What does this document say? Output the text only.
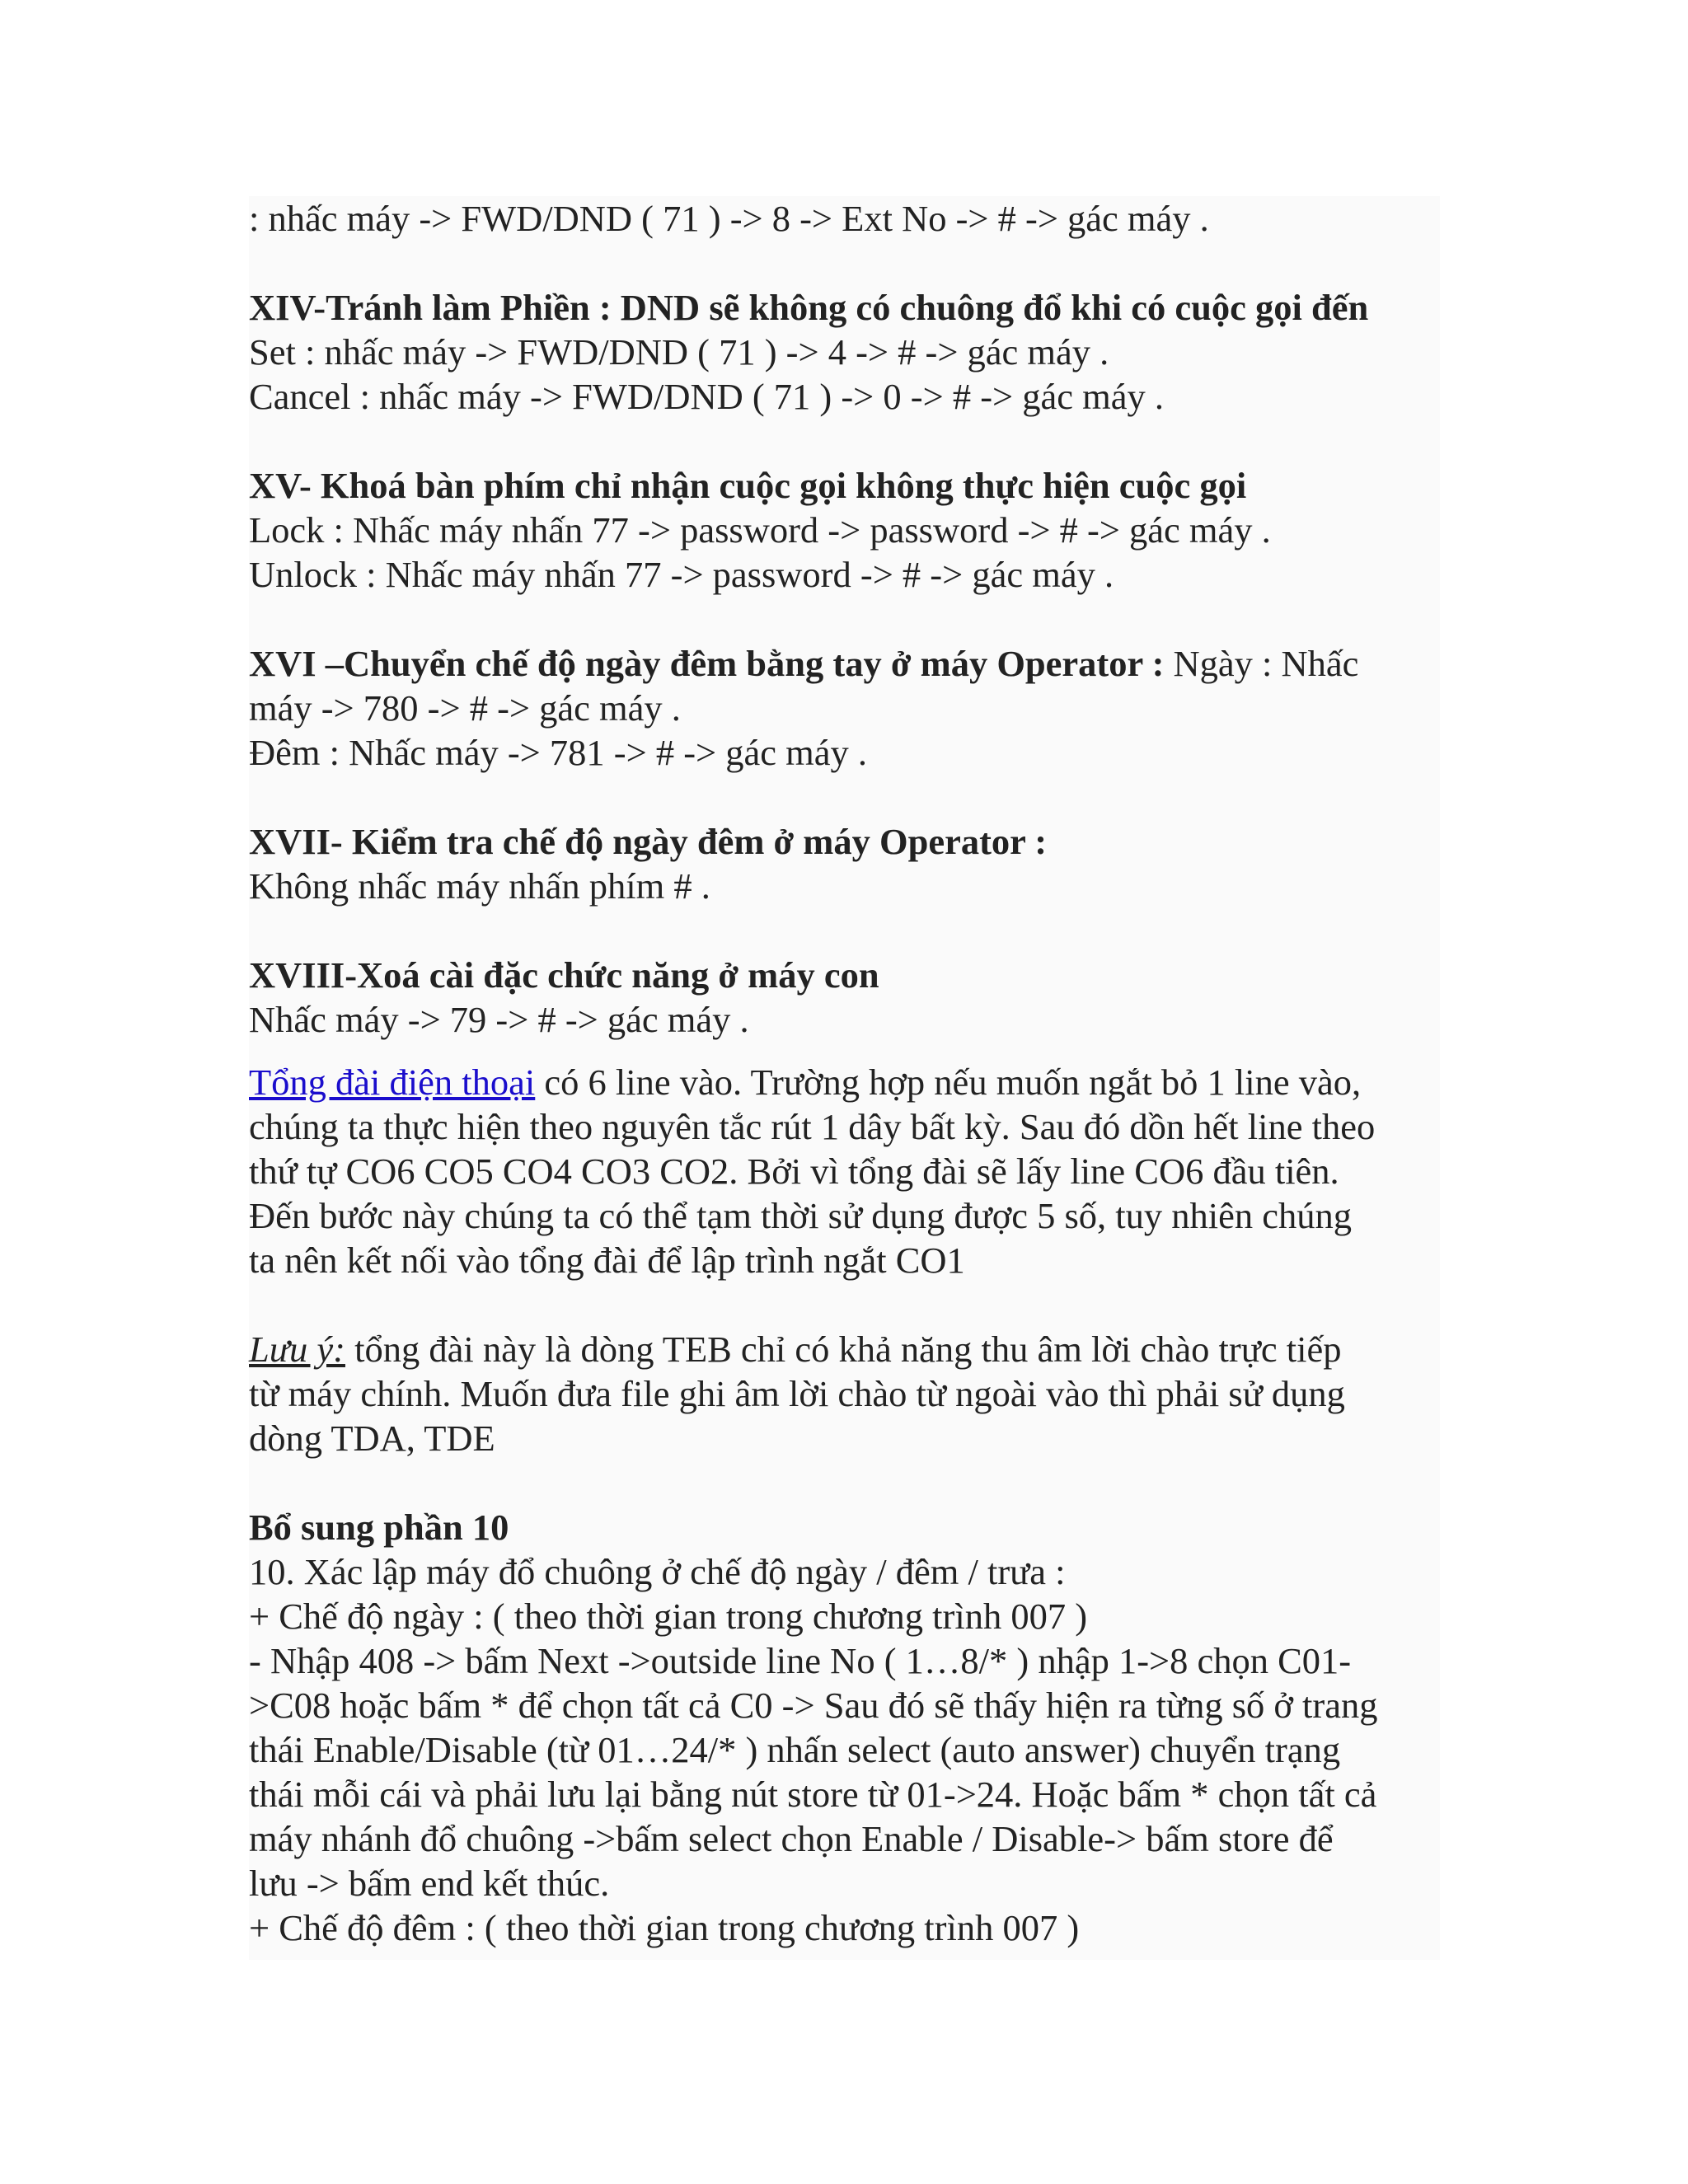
: nhấc máy -> FWD/DND ( 71 ) -> 8 -> Ext No -> # -> gác máy .
XIV-Tránh làm Phiền : DND sẽ không có chuông đổ khi có cuộc gọi đến
Set : nhấc máy -> FWD/DND ( 71 ) -> 4 -> # -> gác máy .
Cancel : nhấc máy -> FWD/DND ( 71 ) -> 0 -> # -> gác máy .
XV- Khoá bàn phím chỉ nhận cuộc gọi không thực hiện cuộc gọi
Lock : Nhấc máy nhấn 77 -> password -> password -> # -> gác máy .
Unlock : Nhấc máy nhấn 77 -> password -> # -> gác máy .
XVI –Chuyển chế độ ngày đêm bằng tay ở máy Operator : Ngày : Nhấc
máy -> 780 -> # -> gác máy .
Đêm : Nhấc máy -> 781 -> # -> gác máy .
XVII- Kiểm tra chế độ ngày đêm ở máy Operator :
Không nhấc máy nhấn phím # .
XVIII-Xoá cài đặc chức năng ở máy con
Nhấc máy -> 79 -> # -> gác máy .
Tổng đài điện thoại có 6 line vào. Trường hợp nếu muốn ngắt bỏ 1 line vào,
chúng ta thực hiện theo nguyên tắc rút 1 dây bất kỳ. Sau đó dồn hết line theo
thứ tự CO6 CO5 CO4 CO3 CO2. Bởi vì tổng đài sẽ lấy line CO6 đầu tiên.
Đến bước này chúng ta có thể tạm thời sử dụng được 5 số, tuy nhiên chúng
ta nên kết nối vào tổng đài để lập trình ngắt CO1
Lưu ý: tổng đài này là dòng TEB chỉ có khả năng thu âm lời chào trực tiếp
từ máy chính. Muốn đưa file ghi âm lời chào từ ngoài vào thì phải sử dụng
dòng TDA, TDE
Bổ sung phần 10
10. Xác lập máy đổ chuông ở chế độ ngày / đêm / trưa :
+ Chế độ ngày : ( theo thời gian trong chương trình 007 )
- Nhập 408 -> bấm Next ->outside line No ( 1…8/* ) nhập 1->8 chọn C01-
>C08 hoặc bấm * để chọn tất cả C0 -> Sau đó sẽ thấy hiện ra từng số ở trang
thái Enable/Disable (từ 01…24/* ) nhấn select (auto answer) chuyển trạng
thái mỗi cái và phải lưu lại bằng nút store từ 01->24. Hoặc bấm * chọn tất cả
máy nhánh đổ chuông ->bấm select chọn Enable / Disable-> bấm store để
lưu -> bấm end kết thúc.
+ Chế độ đêm : ( theo thời gian trong chương trình 007 )
